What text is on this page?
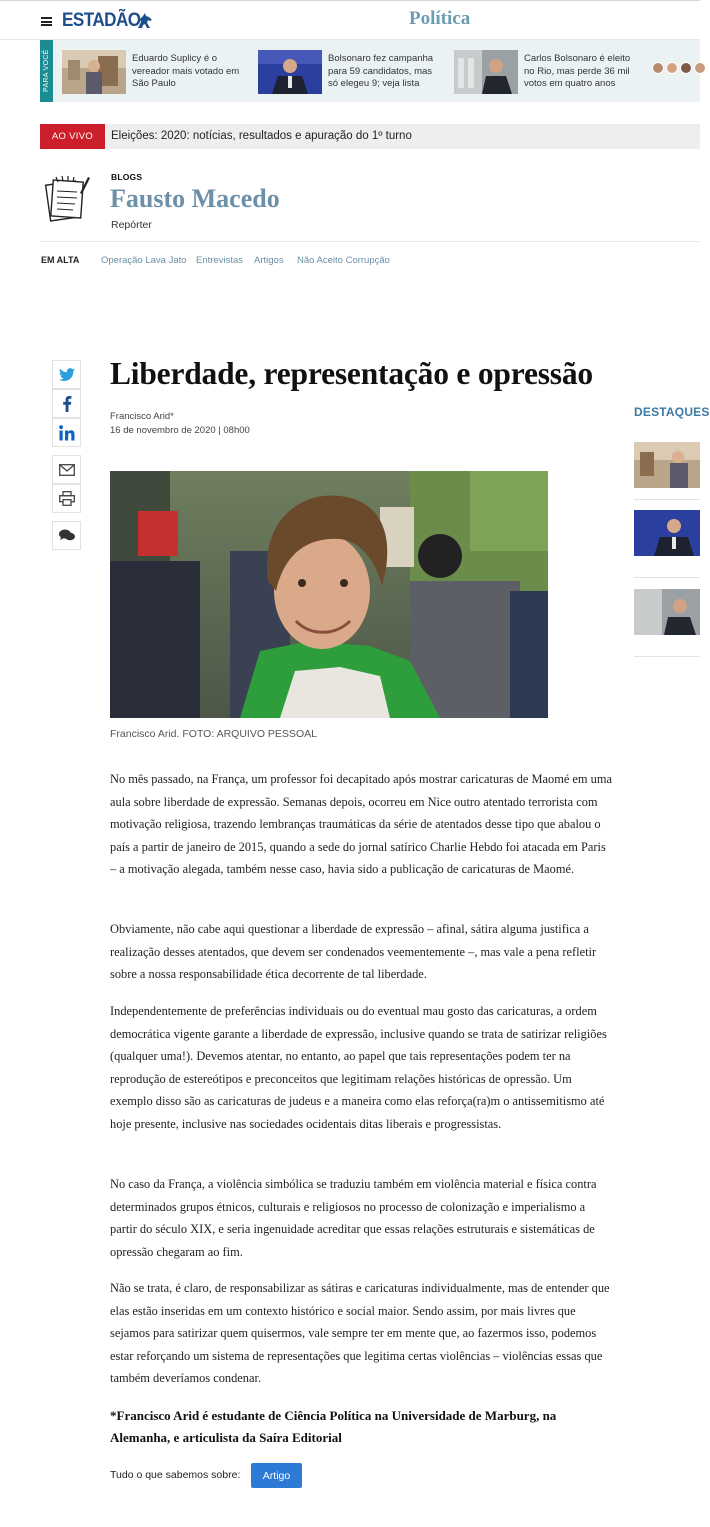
ESTADÃO	Política
PARA VOCÊ	Eduardo Suplicy é o vereador mais votado em São Paulo
Bolsonaro fez campanha para 59 candidatos, mas só elegeu 9; veja lista
Carlos Bolsonaro é eleito no Rio, mas perde 36 mil votos em quatro anos
AO VIVO	Eleições: 2020: notícias, resultados e apuração do 1º turno
BLOGS
Fausto Macedo
Repórter
EM ALTA Operação Lava Jato Entrevistas Artigos Não Aceito Corrupção
Liberdade, representação e opressão
Francisco Arid*
16 de novembro de 2020 | 08h00
Francisco Arid. FOTO: ARQUIVO PESSOAL

No mês passado, na França, um professor foi decapitado após mostrar caricaturas de Maomé em uma aula sobre liberdade de expressão. Semanas depois, ocorreu em Nice outro atentado terrorista com motivação religiosa, trazendo lembranças traumáticas da série de atentados desse tipo que abalou o país a partir de janeiro de 2015, quando a sede do jornal satírico Charlie Hebdo foi atacada em Paris – a motivação alegada, também nesse caso, havia sido a publicação de caricaturas de Maomé.

Obviamente, não cabe aqui questionar a liberdade de expressão – afinal, sátira alguma justifica a realização desses atentados, que devem ser condenados veementemente –, mas vale a pena refletir sobre a nossa responsabilidade ética decorrente de tal liberdade.

Independentemente de preferências individuais ou do eventual mau gosto das caricaturas, a ordem democrática vigente garante a liberdade de expressão, inclusive quando se trata de satirizar religiões (qualquer uma!). Devemos atentar, no entanto, ao papel que tais representações podem ter na reprodução de estereótipos e preconceitos que legitimam relações históricas de opressão. Um exemplo disso são as caricaturas de judeus e a maneira como elas reforça(ra)m o antissemitismo até hoje presente, inclusive nas sociedades ocidentais ditas liberais e progressistas.

No caso da França, a violência simbólica se traduziu também em violência material e física contra determinados grupos étnicos, culturais e religiosos no processo de colonização e imperialismo a partir do século XIX, e seria ingenuidade acreditar que essas relações estruturais e sistemáticas de opressão chegaram ao fim.

Não se trata, é claro, de responsabilizar as sátiras e caricaturas individualmente, mas de entender que elas estão inseridas em um contexto histórico e social maior. Sendo assim, por mais livres que sejamos para satirizar quem quisermos, vale sempre ter em mente que, ao fazermos isso, podemos estar reforçando um sistema de representações que legitima certas violências – violências essas que também deveríamos condenar.

*Francisco Arid é estudante de Ciência Política na Universidade de Marburg, na Alemanha, e articulista da Saíra Editorial

Tudo o que sabemos sobre:	Artigo
DESTAQUES
